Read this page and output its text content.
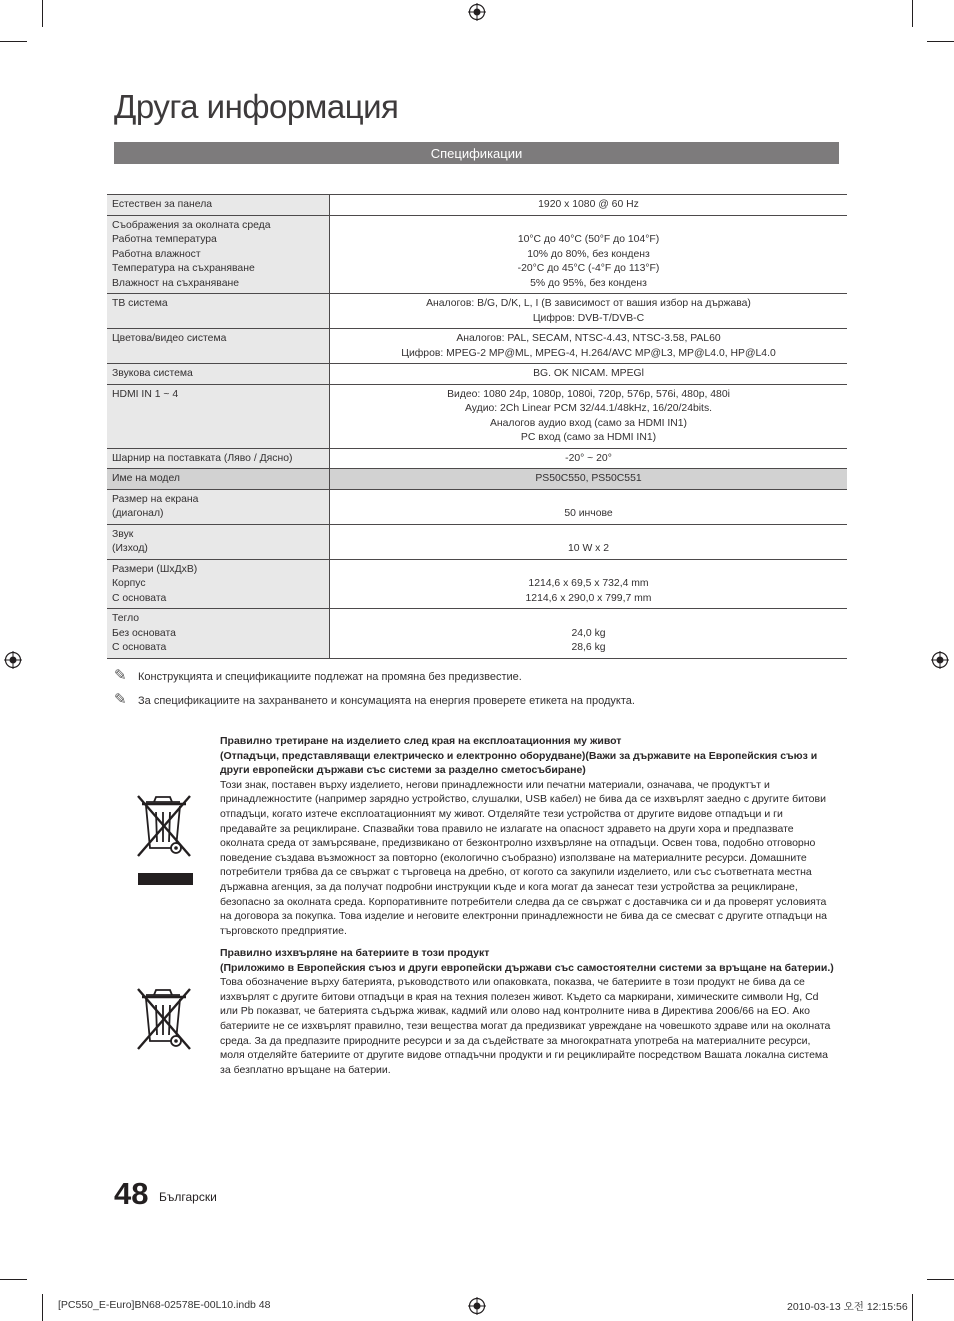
Друга информация
Спецификации
Естествен за панела	1920 x 1080 @ 60 Hz

Съображения за околната среда
Работна температура
Работна влажност
Температура на съхраняване
Влажност на съхраняване	10°C до 40°C (50°F до 104°F)
10% до 80%, без конденз
-20°C до 45°C (-4°F до 113°F)
5% до 95%, без конденз

ТВ система	Аналогов: B/G, D/K, L, I (В зависимост от вашия избор на държава)
Цифров: DVB-T/DVB-C

Цветова/видео система	Аналогов: PAL, SECAM, NTSC-4.43, NTSC-3.58, PAL60
Цифров: MPEG-2 MP@ML, MPEG-4, H.264/AVC MP@L3, MP@L4.0, HP@L4.0

Звукова система	BG. OK NICAM. MPEGl

HDMI IN 1 ~ 4	Видео: 1080 24p, 1080p, 1080i, 720p, 576p, 576i, 480p, 480i
Аудио: 2Ch Linear PCM 32/44.1/48kHz, 16/20/24bits.
Аналогов аудио вход (само за HDMI IN1)
PC вход (само за HDMI IN1)

Шарнир на поставката (Ляво / Дясно)	-20° ~ 20°

Име на модел	PS50C550, PS50C551

Размер на екрана
(диагонал)	50 инчове

Звук
(Изход)	10 W x 2

Размери (ШxДxВ)
Корпус
С основата	1214,6 x 69,5 x 732,4 mm
1214,6 x 290,0 x 799,7 mm

Тегло
Без основата
С основата	24,0 kg
28,6 kg
✎ Конструкцията и спецификациите подлежат на промяна без предизвестие.
✎ За спецификациите на захранването и консумацията на енергия проверете етикета на продукта.
Правилно третиране на изделието след края на експлоатационния му живот
(Отпадъци, представляващи електрическо и електронно оборудване)(Важи за държавите на Европейския съюз и други европейски държави със системи за разделно сметосъбиране)

Този знак, поставен върху изделието, негови принадлежности или печатни материали, означава, че продуктът и принадлежностите (например зарядно устройство, слушалки, USB кабел) не бива да се изхвърлят заедно с другите битови отпадъци, когато изтече експлоатационният му живот. Отделяйте тези устройства от другите видове отпадъци и ги предавайте за рециклиране. Спазвайки това правило не излагате на опасност здравето на други хора и предпазвате околната среда от замърсяване, предизвикано от безконтролно изхвърляне на отпадъци. Освен това, подобно отговорно поведение създава възможност за повторно (екологично съобразно) използване на материалните ресурси. Домашните потребители трябва да се свържат с търговеца на дребно, от когото са закупили изделието, или със съответната местна държавна агенция, за да получат подробни инструкции къде и кога могат да занесат тези устройства за рециклиране, безопасно за околната среда. Корпоративните потребители следва да се свържат с доставчика си и да проверят условията на договора за покупка. Това изделие и неговите електронни принадлежности не бива да се смесват с другите отпадъци на търговското предприятие.

Правилно изхвърляне на батериите в този продукт
(Приложимо в Европейския съюз и други европейски държави със самостоятелни системи за връщане на батерии.)

Това обозначение върху батерията, ръководството или опаковката, показва, че батериите в този продукт не бива да се изхвърлят с другите битови отпадъци в края на техния полезен живот. Където са маркирани, химическите символи Hg, Cd или Pb показват, че батерията съдържа живак, кадмий или олово над контролните нива в Директива 2006/66 на ЕО. Ако батериите не се изхвърлят правилно, тези вещества могат да предизвикат увреждане на човешкото здраве или на околната среда. За да предпазите природните ресурси и за да съдействате за многократната употреба на материалните ресурси, моля отделяйте батериите от другите видове отпадъчни продукти и ги рециклирайте посредством Вашата локална система за безплатно връщане на батерии.

48 Български
[PC550_E-Euro]BN68-02578E-00L10.indb 48	2010-03-13 오전 12:15:56
